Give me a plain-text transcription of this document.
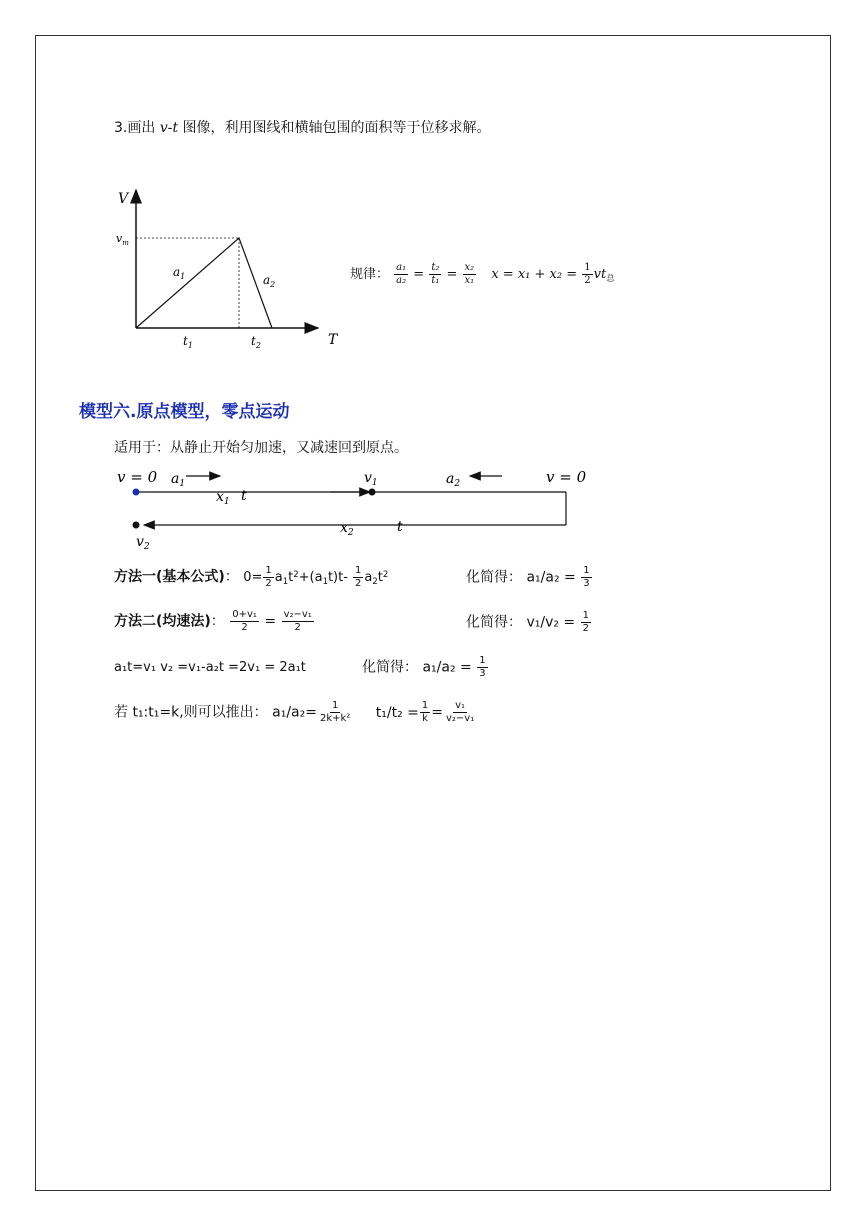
3.画出 v-t 图像，利用图线和横轴包围的面积等于位移求解。
V
T
$v_m$
$a_1$	$a_2$
$t_1$	$t_2$
规律： $\frac{\text{a₁}}{\text{a₂}} = \frac{\text{t₂}}{\text{t₁}} = \frac{\text{x₂}}{\text{x₁}}$ $x = x_1 + x_2 = \frac{1}{2} vt_总$
模型六.原点模型，零点运动
适用于：从静止开始匀加速，又减速回到原点。
v = 0 $a_1$
$x_1$ t
$v_1$	$a_2$	v = 0
$x_2$	t
$v_2$
方法一(基本公式)： $0= \frac{1}{2} a_1t^2+(a_1t)t- \frac{1}{2} a_2t^2$	化简得： $a_1/a_2 = \frac{1}{3}$
方法二(均速法)： $\frac{\text{0+v₁}}{2} = \frac{\text{v₂−v₁}}{2}$	化简得： $v_1/v_2 = \frac{1}{2}$
a₁t=v₁ v₂ =v₁-a₂t =2v₁ = 2a₁t	化简得： $a_1/a_2 = \frac{1}{3}$
若 t₁:t₁=k,则可以推出： $a_1/a_2= \frac{1}{\text{2k+k²}} t_1/t_2 = \frac{1}{k} = \frac{\text{v₁}}{\text{v₂−v₁}}$
